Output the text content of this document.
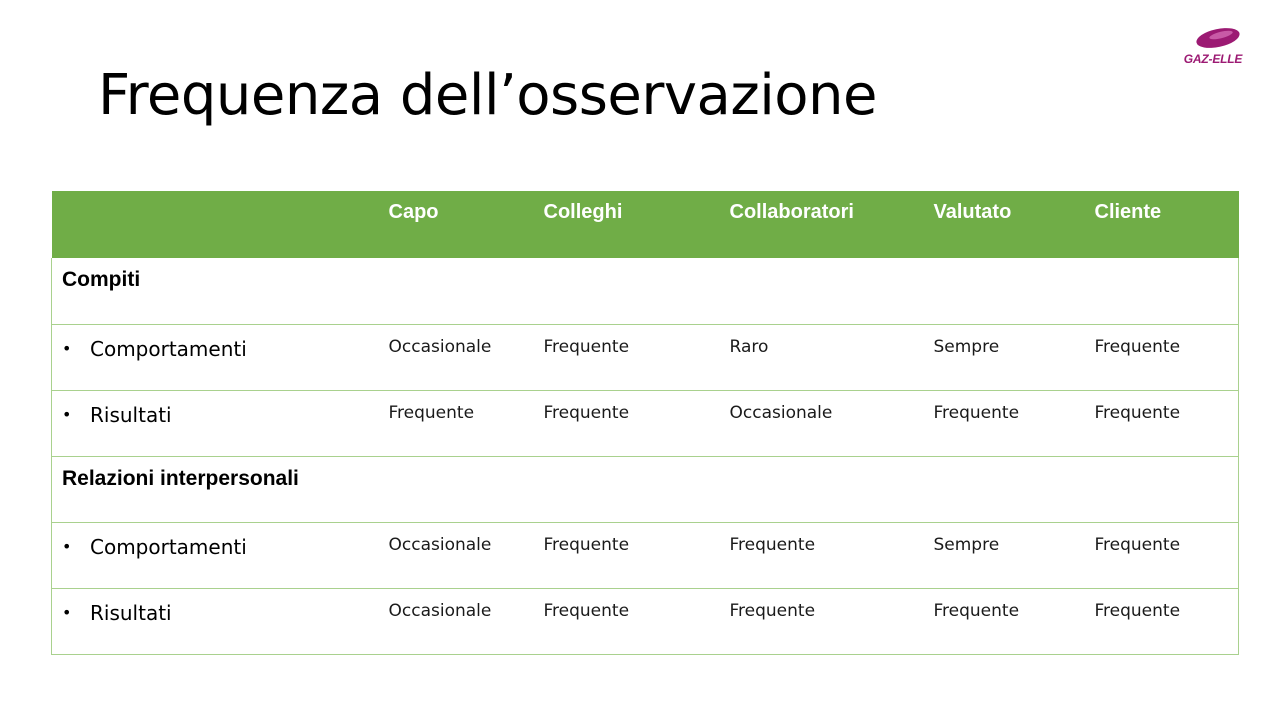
Frequenza dell’osservazione
GAZ-ELLE
	Capo	Colleghi	Collaboratori	Valutato	Cliente
Compiti					
• Comportamenti	Occasionale	Frequente	Raro	Sempre	Frequente
• Risultati	Frequente	Frequente	Occasionale	Frequente	Frequente
Relazioni interpersonali					
• Comportamenti	Occasionale	Frequente	Frequente	Sempre	Frequente
• Risultati	Occasionale	Frequente	Frequente	Frequente	Frequente
